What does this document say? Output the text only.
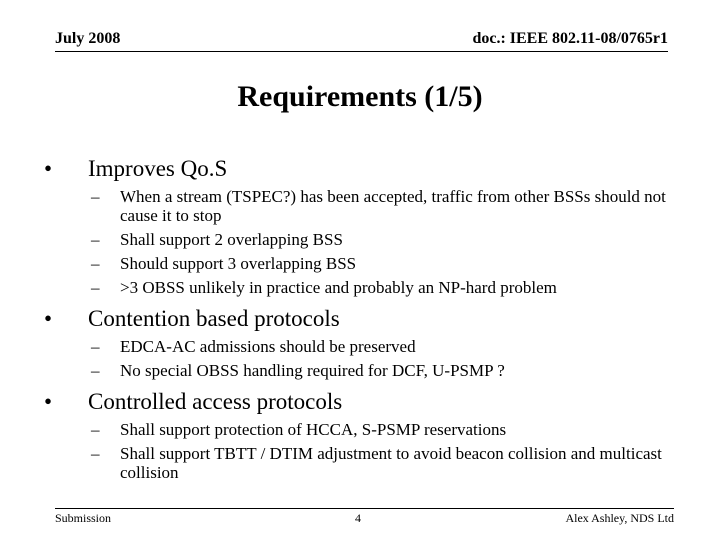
July 2008	doc.: IEEE 802.11-08/0765r1
Requirements (1/5)
•	Improves Qo.S
– When a stream (TSPEC?) has been accepted, traffic from other BSSs should not cause it to stop
– Shall support 2 overlapping BSS
– Should support 3 overlapping BSS
– >3 OBSS unlikely in practice and probably an NP-hard problem
•	Contention based protocols
– EDCA-AC admissions should be preserved
– No special OBSS handling required for DCF, U-PSMP ?
•	Controlled access protocols
– Shall support protection of HCCA, S-PSMP reservations
– Shall support TBTT / DTIM adjustment to avoid beacon collision and multicast collision
Submission	4	Alex Ashley, NDS Ltd
